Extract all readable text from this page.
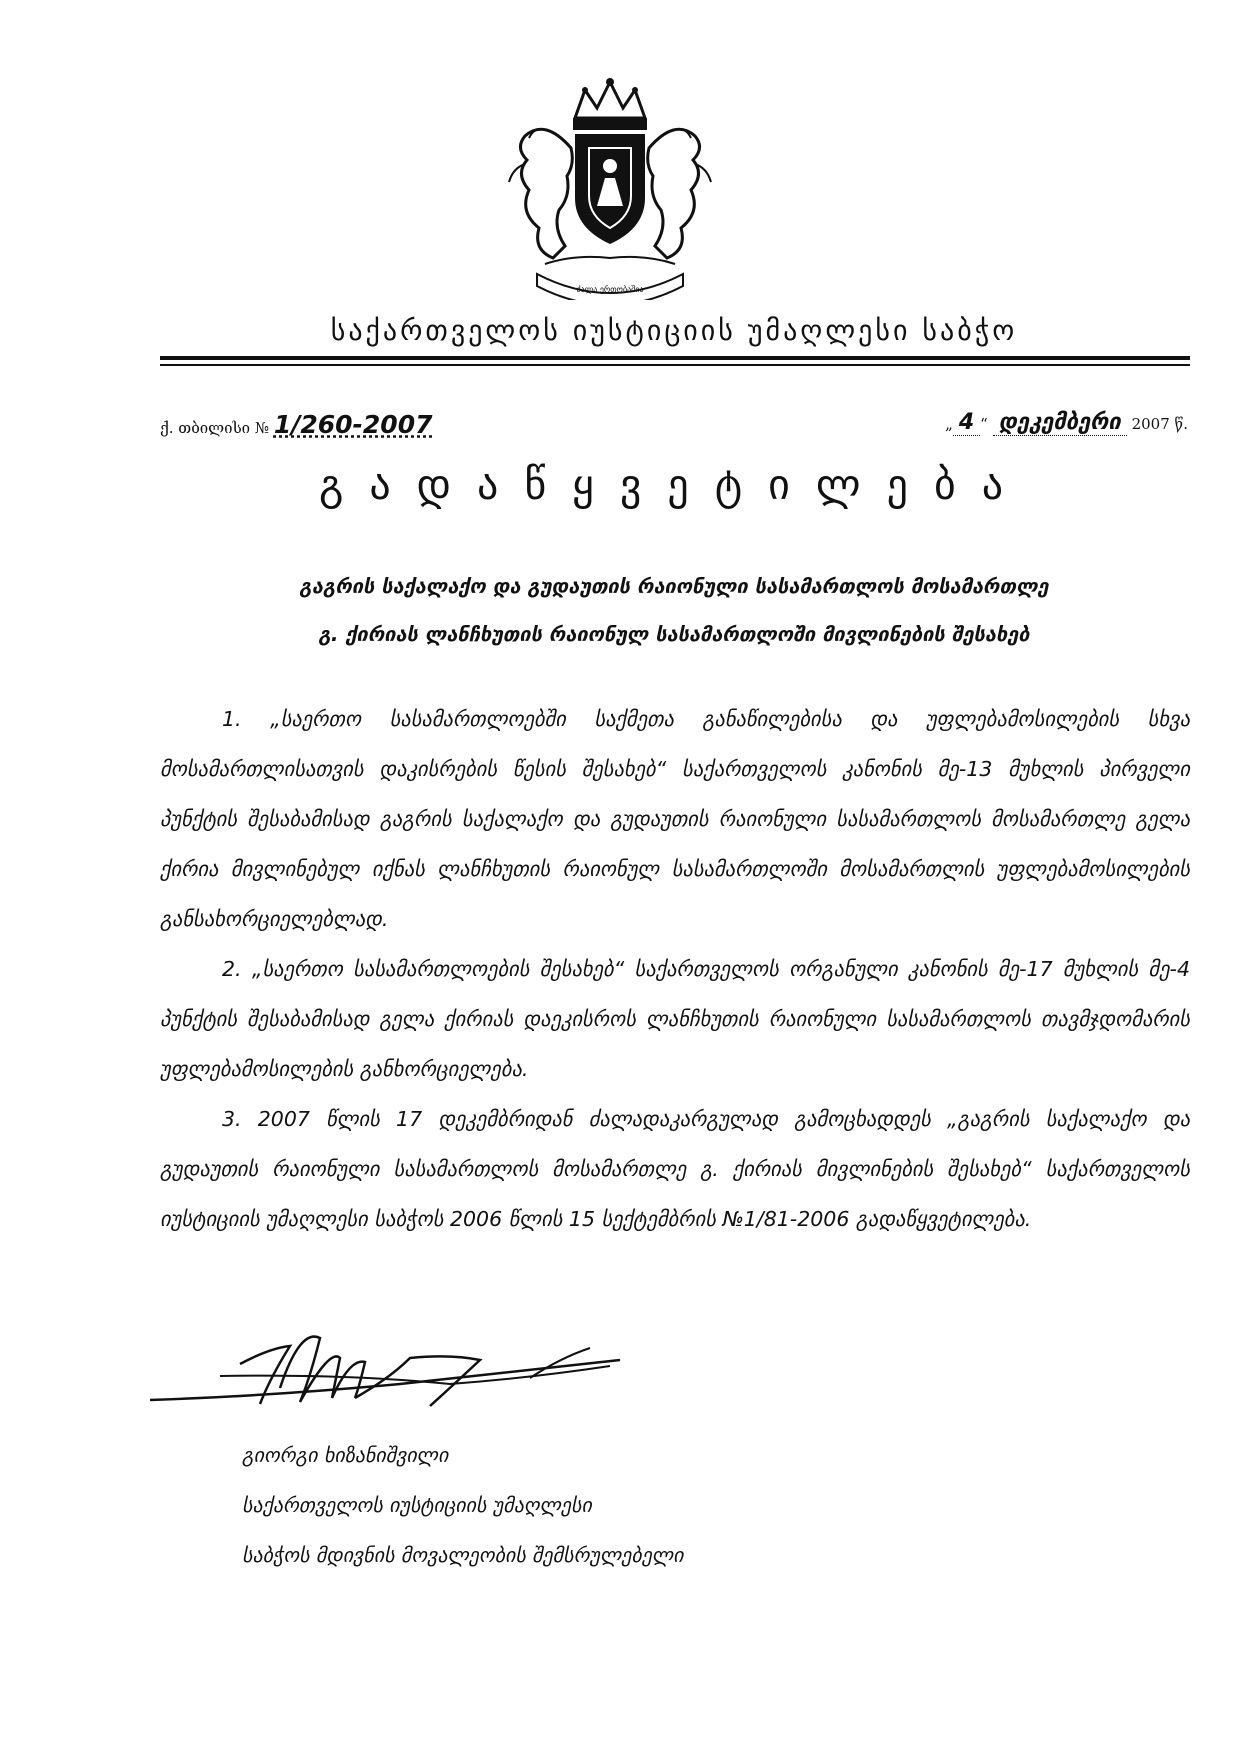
ძალა ერთობაშია
საქართველოს იუსტიციის უმაღლესი საბჭო
ქ. თბილისი № 1/260-2007	„ 4 “ დეკემბერი 2007 წ.
გადაწყვეტილება
გაგრის საქალაქო და გუდაუთის რაიონული სასამართლოს მოსამართლე
გ. ქირიას ლანჩხუთის რაიონულ სასამართლოში მივლინების შესახებ

1. „საერთო სასამართლოებში საქმეთა განაწილებისა და უფლებამოსილების სხვა მოსამართლისათვის დაკისრების წესის შესახებ“ საქართველოს კანონის მე-13 მუხლის პირველი პუნქტის შესაბამისად გაგრის საქალაქო და გუდაუთის რაიონული სასამართლოს მოსამართლე გელა ქირია მივლინებულ იქნას ლანჩხუთის რაიონულ სასამართლოში მოსამართლის უფლებამოსილების განსახორციელებლად.

2. „საერთო სასამართლოების შესახებ“ საქართველოს ორგანული კანონის მე-17 მუხლის მე-4 პუნქტის შესაბამისად გელა ქირიას დაეკისროს ლანჩხუთის რაიონული სასამართლოს თავმჯდომარის უფლებამოსილების განხორციელება.

3. 2007 წლის 17 დეკემბრიდან ძალადაკარგულად გამოცხადდეს „გაგრის საქალაქო და გუდაუთის რაიონული სასამართლოს მოსამართლე გ. ქირიას მივლინების შესახებ“ საქართველოს იუსტიციის უმაღლესი საბჭოს 2006 წლის 15 სექტემბრის №1/81-2006 გადაწყვეტილება.

გიორგი ხიზანიშვილი
საქართველოს იუსტიციის უმაღლესი
საბჭოს მდივნის მოვალეობის შემსრულებელი
